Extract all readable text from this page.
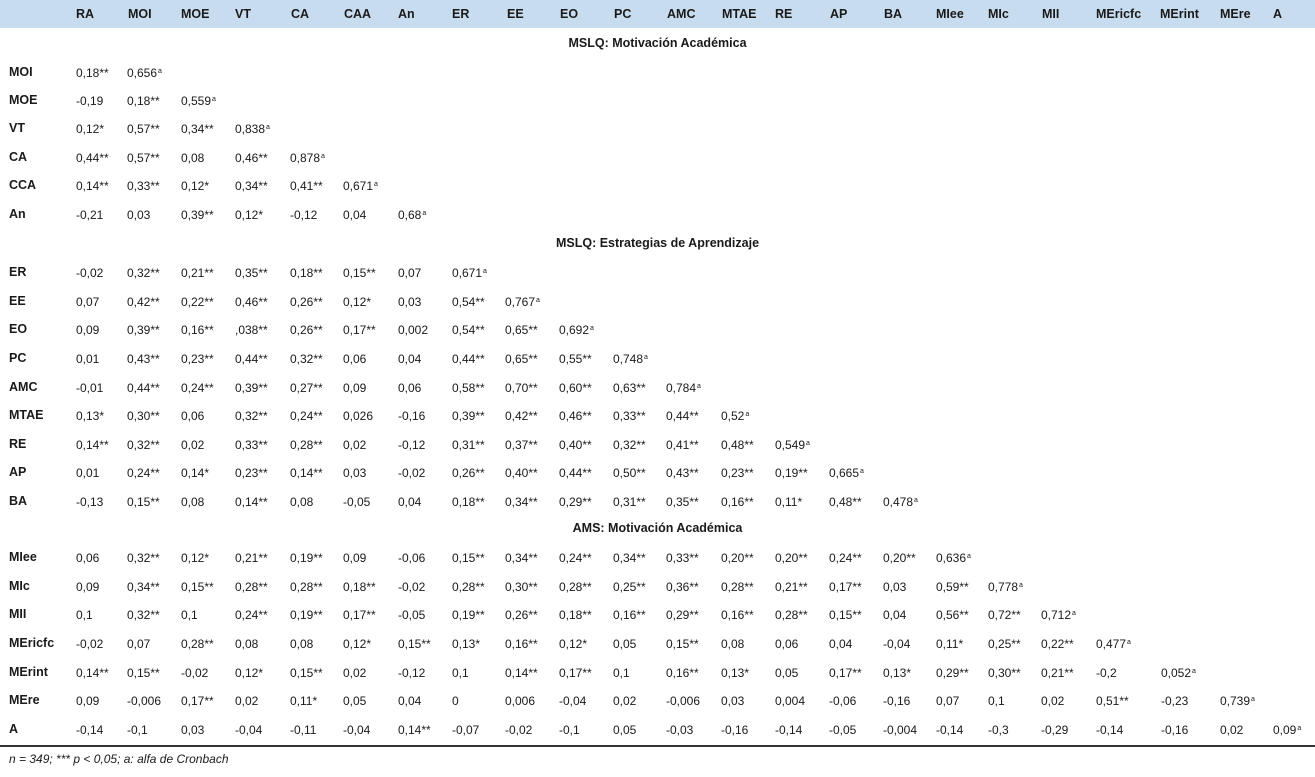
RA	MOI MOE VT	CA	CAA An	ER	EE	EO	PC	AMC MTAE RE	AP	BA	MIee MIc	MII	MEricfc MErint MEre A
MSLQ: Motivación Académica
MOI	0,18** 0,656$^a$
MOE	-0,19 0,18** 0,559$^a$
VT	0,12* 0,57** 0,34** 0,838$^a$
CA	0,44** 0,57** 0,08	0,46** 0,878$^a$
CCA	0,14** 0,33** 0,12* 0,34** 0,41** 0,671$^a$
An	-0,21 0,03	0,39** 0,12* -0,12 0,04	0,68$^a$
MSLQ: Estrategias de Aprendizaje
ER	-0,02 0,32** 0,21** 0,35** 0,18** 0,15** 0,07	0,671$^a$
EE	0,07 0,42** 0,22** 0,46** 0,26** 0,12* 0,03	0,54** 0,767$^a$
EO	0,09 0,39** 0,16** ,038** 0,26** 0,17** 0,002 0,54** 0,65** 0,692$^a$
PC	0,01 0,43** 0,23** 0,44** 0,32** 0,06	0,04	0,44** 0,65** 0,55** 0,748$^a$
AMC	-0,01 0,44** 0,24** 0,39** 0,27** 0,09	0,06	0,58** 0,70** 0,60** 0,63** 0,784$^a$
MTAE	0,13* 0,30** 0,06	0,32** 0,24** 0,026 -0,16 0,39** 0,42** 0,46** 0,33** 0,44** 0,52$^a$
RE	0,14** 0,32** 0,02	0,33** 0,28** 0,02	-0,12 0,31** 0,37** 0,40** 0,32** 0,41** 0,48** 0,549$^a$
AP	0,01 0,24** 0,14* 0,23** 0,14** 0,03	-0,02 0,26** 0,40** 0,44** 0,50** 0,43** 0,23** 0,19** 0,665$^a$
BA	-0,13 0,15** 0,08	0,14** 0,08 -0,05 0,04	0,18** 0,34** 0,29** 0,31** 0,35** 0,16** 0,11* 0,48** 0,478$^a$
AMS: Motivación Académica
MIee	0,06 0,32** 0,12* 0,21** 0,19** 0,09	-0,06 0,15** 0,34** 0,24** 0,34** 0,33** 0,20** 0,20** 0,24** 0,20** 0,636$^a$
MIc	0,09 0,34** 0,15** 0,28** 0,28** 0,18** -0,02 0,28** 0,30** 0,28** 0,25** 0,36** 0,28** 0,21** 0,17** 0,03 0,59** 0,778$^a$
MII	0,1	0,32** 0,1	0,24** 0,19** 0,17** -0,05 0,19** 0,26** 0,18** 0,16** 0,29** 0,16** 0,28** 0,15** 0,04 0,56** 0,72** 0,712$^a$
MEricfc -0,02 0,07	0,28** 0,08	0,08 0,12* 0,15** 0,13* 0,16** 0,12* 0,05 0,15** 0,08	0,06	0,04	-0,04 0,11* 0,25** 0,22** 0,477$^a$
MErint 0,14** 0,15** -0,02 0,12* 0,15** 0,02	-0,12 0,1	0,14** 0,17** 0,1	0,16** 0,13* 0,05	0,17** 0,13* 0,29** 0,30** 0,21** -0,2	0,052$^a$
MEre	0,09 -0,006 0,17** 0,02	0,11* 0,05	0,04	0	0,006 -0,04 0,02 -0,006 0,03	0,004 -0,06 -0,16 0,07 0,1	0,02	0,51**	-0,23	0,739$^a$
A	-0,14 -0,1	0,03	-0,04 -0,11 -0,04 0,14** -0,07 -0,02 -0,1	0,05 -0,03 -0,16 -0,14 -0,05 -0,004 -0,14 -0,3	-0,29 -0,14	-0,16	0,02 0,09$^a$
n = 349; *** p < 0,05; a: alfa de Cronbach
